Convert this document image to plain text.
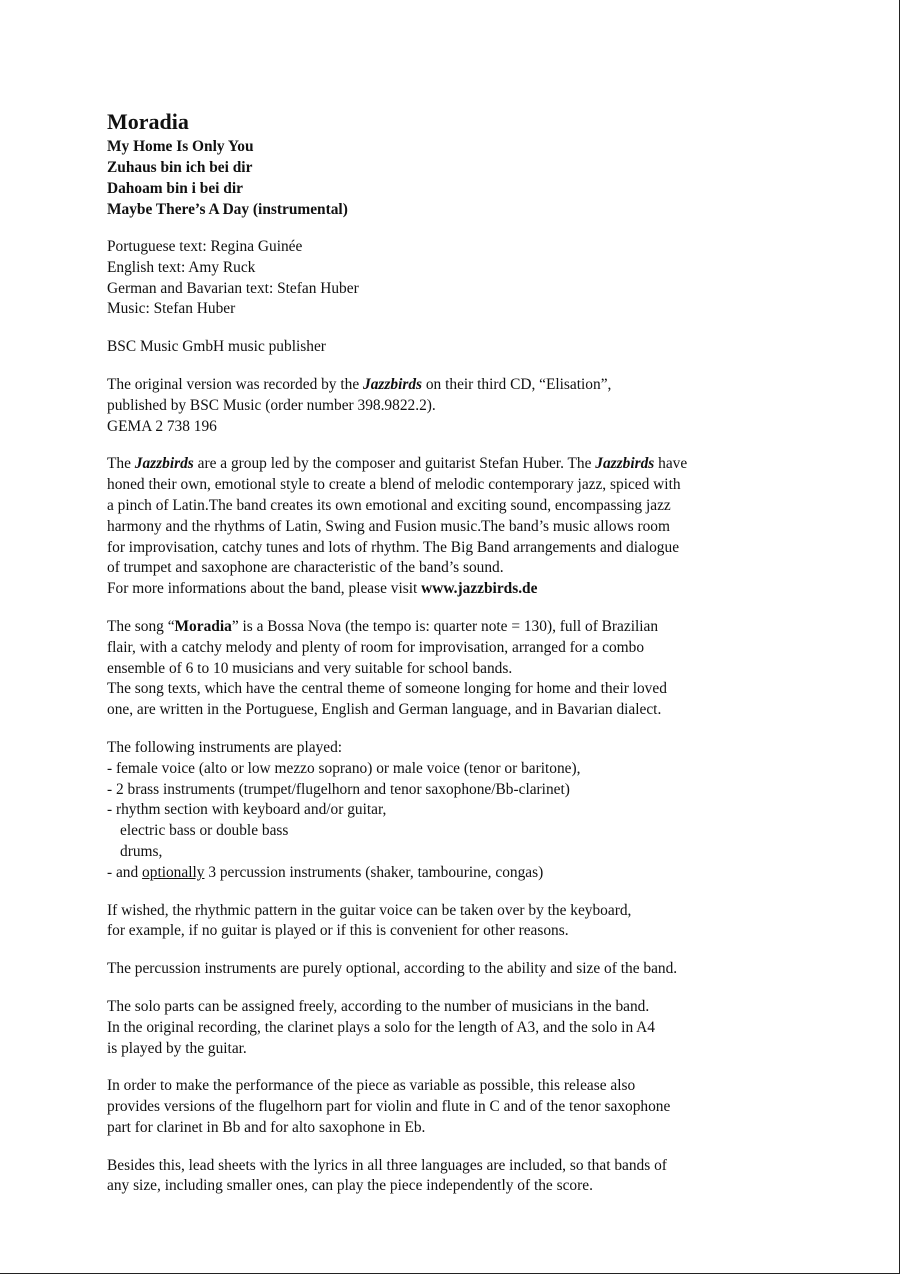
Moradia
My Home Is Only You
Zuhaus bin ich bei dir
Dahoam bin i bei dir
Maybe There’s A Day (instrumental)
Portuguese text: Regina Guinée
English text: Amy Ruck
German and Bavarian text: Stefan Huber
Music: Stefan Huber
BSC Music GmbH music publisher
The original version was recorded by the Jazzbirds on their third CD, “Elisation”,
published by BSC Music (order number 398.9822.2).
GEMA 2 738 196
The Jazzbirds are a group led by the composer and guitarist Stefan Huber. The Jazzbirds have
honed their own, emotional style to create a blend of melodic contemporary jazz, spiced with
a pinch of Latin.The band creates its own emotional and exciting sound, encompassing jazz
harmony and the rhythms of Latin, Swing and Fusion music.The band’s music allows room
for improvisation, catchy tunes and lots of rhythm. The Big Band arrangements and dialogue
of trumpet and saxophone are characteristic of the band’s sound.
For more informations about the band, please visit www.jazzbirds.de
The song “Moradia” is a Bossa Nova (the tempo is: quarter note = 130), full of Brazilian
flair, with a catchy melody and plenty of room for improvisation, arranged for a combo
ensemble of 6 to 10 musicians and very suitable for school bands.
The song texts, which have the central theme of someone longing for home and their loved
one, are written in the Portuguese, English and German language, and in Bavarian dialect.
The following instruments are played:
- female voice (alto or low mezzo soprano) or male voice (tenor or baritone),
- 2 brass instruments (trumpet/flugelhorn and tenor saxophone/Bb-clarinet)
- rhythm section with keyboard and/or guitar,
electric bass or double bass
drums,
- and optionally 3 percussion instruments (shaker, tambourine, congas)
If wished, the rhythmic pattern in the guitar voice can be taken over by the keyboard,
for example, if no guitar is played or if this is convenient for other reasons.
The percussion instruments are purely optional, according to the ability and size of the band.
The solo parts can be assigned freely, according to the number of musicians in the band.
In the original recording, the clarinet plays a solo for the length of A3, and the solo in A4
is played by the guitar.
In order to make the performance of the piece as variable as possible, this release also
provides versions of the flugelhorn part for violin and flute in C and of the tenor saxophone
part for clarinet in Bb and for alto saxophone in Eb.
Besides this, lead sheets with the lyrics in all three languages are included, so that bands of
any size, including smaller ones, can play the piece independently of the score.
